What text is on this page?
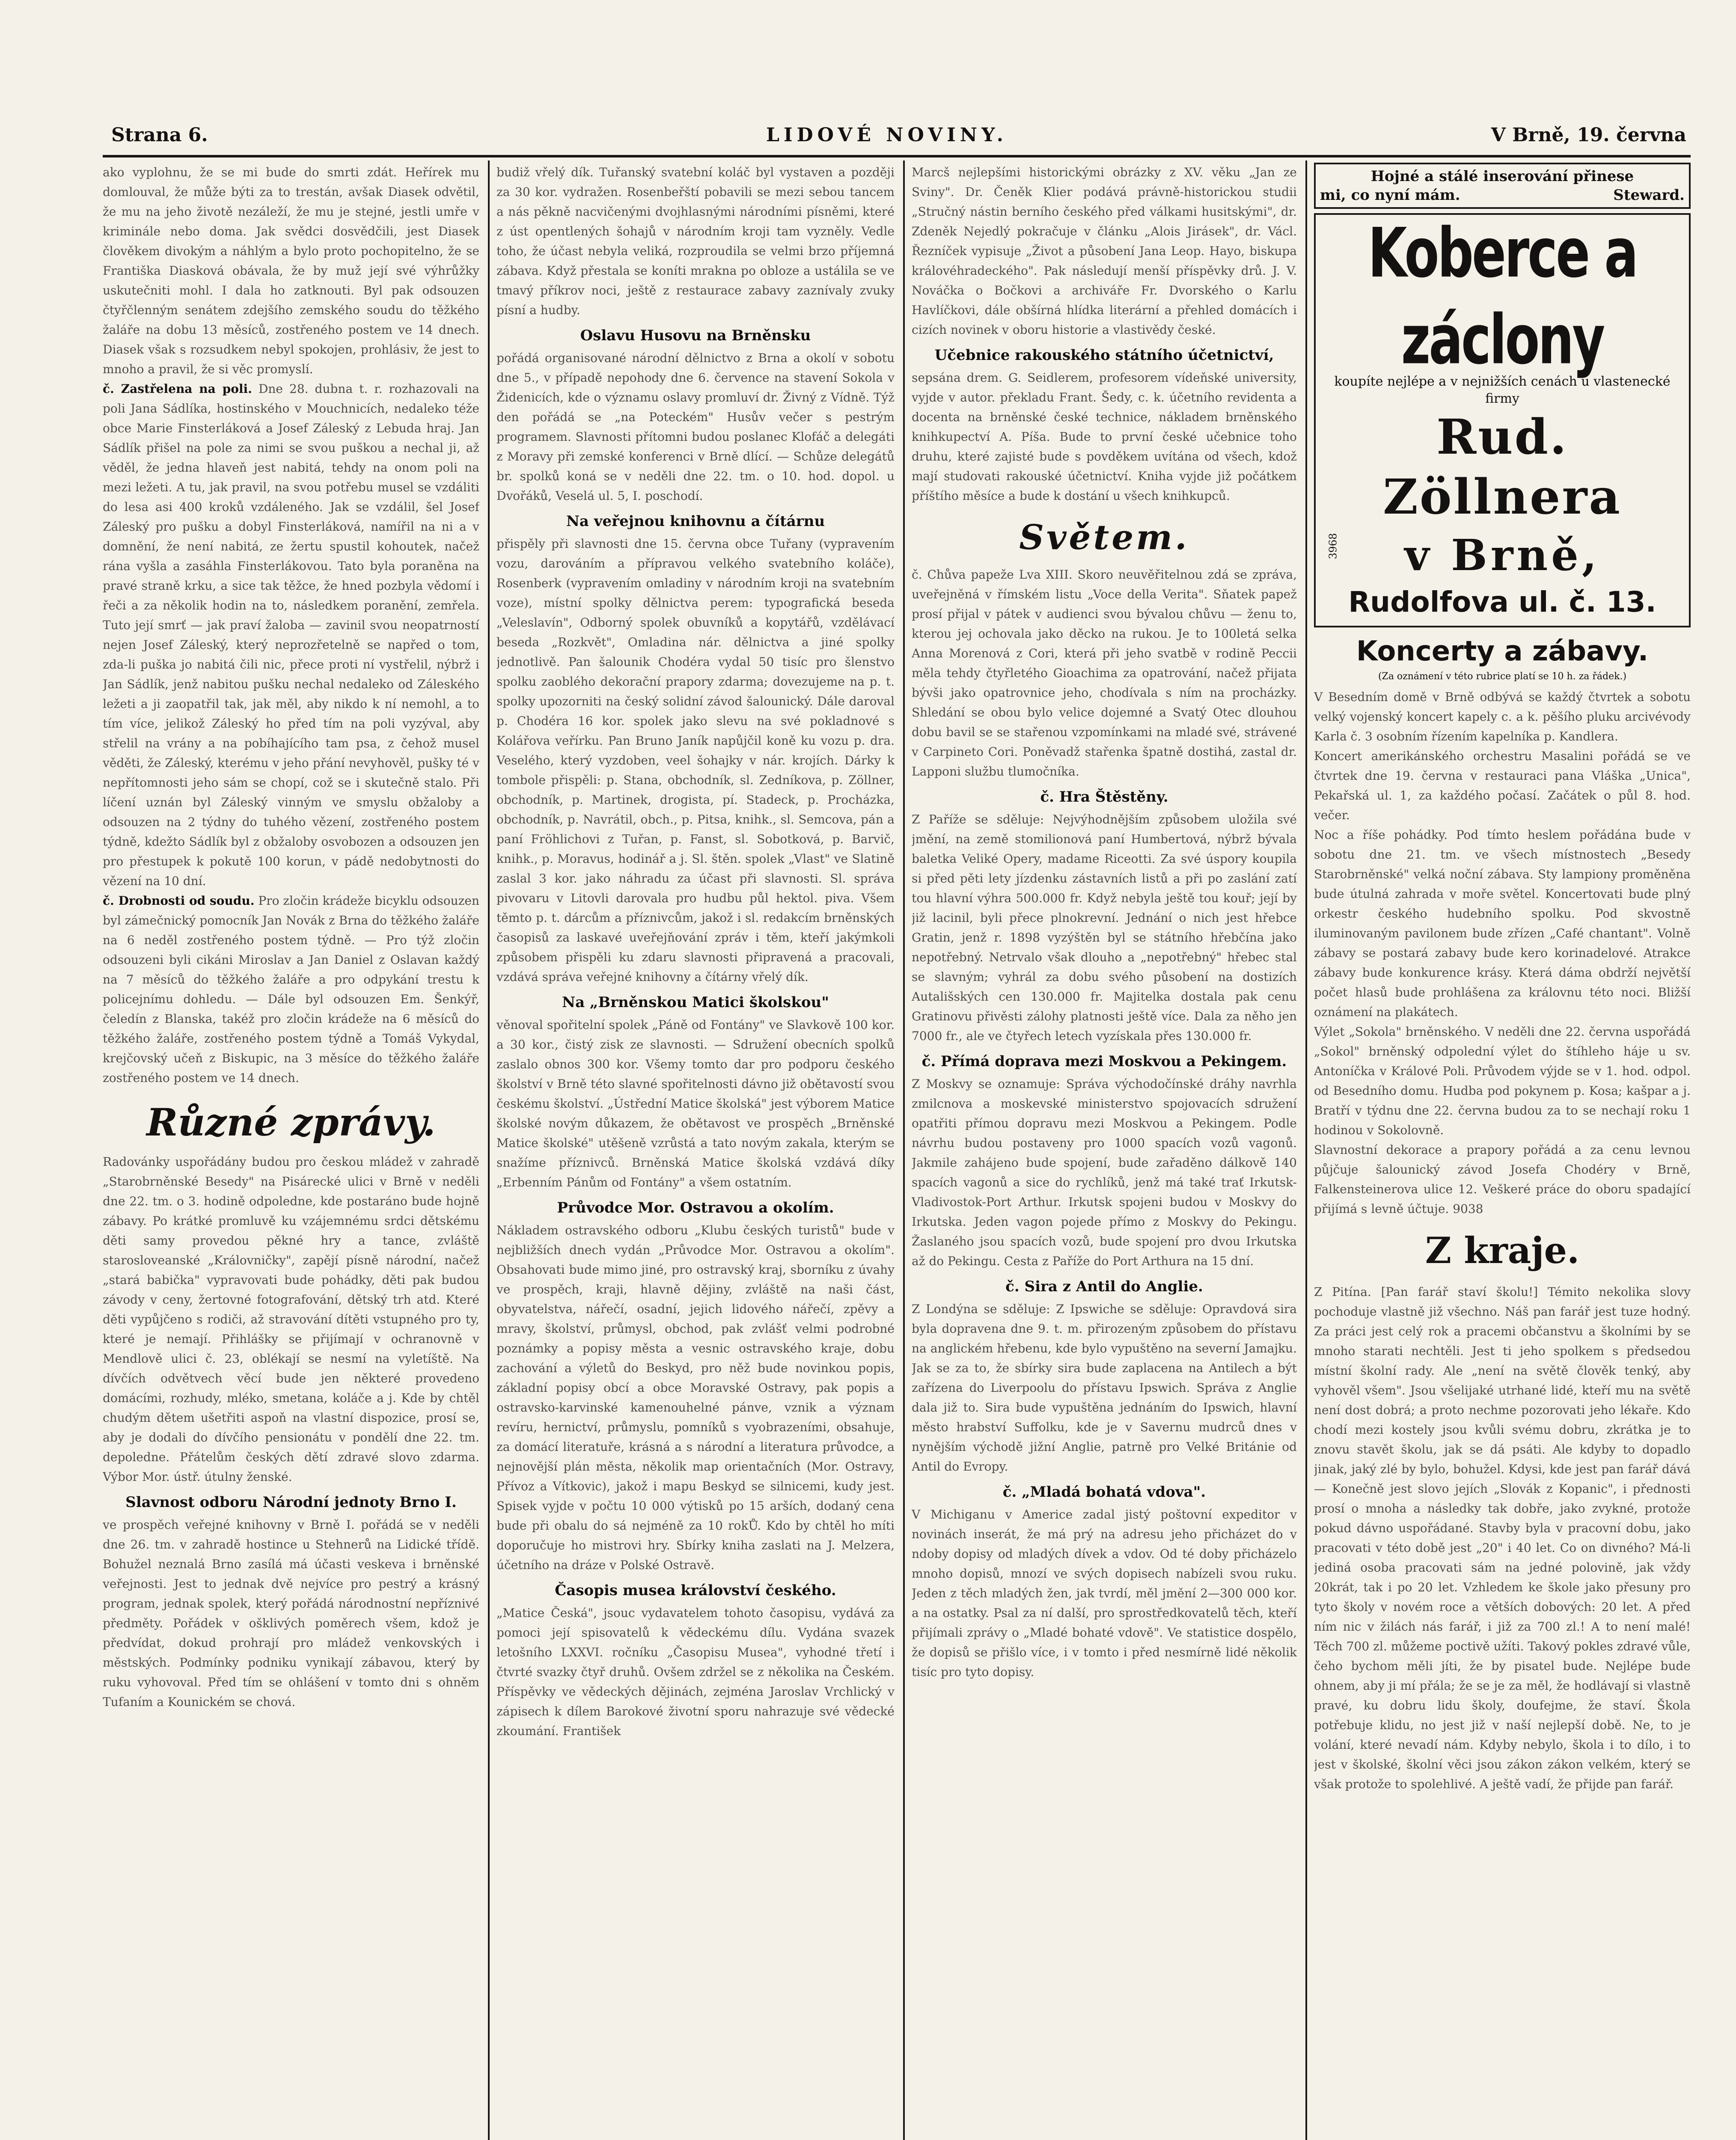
Strana 6.	LIDOVÉ NOVINY.	V Brně, 19. června

ako vyplohnu, že se mi bude do smrti zdát. Heřírek mu domlouval, že může býti za to trestán, avšak Diasek odvětil, že mu na jeho životě nezáleží, že mu je stejné, jestli umře v kriminále nebo doma. Jak svědci dosvědčili, jest Diasek člověkem divokým a náhlým a bylo proto pochopitelno, že se Františka Diasková obávala, že by muž její své výhrůžky uskutečniti mohl. I dala ho zatknouti. Byl pak odsouzen čtyřčlenným senátem zdejšího zemského soudu do těžkého žaláře na dobu 13 měsíců, zostřeného postem ve 14 dnech. Diasek však s rozsudkem nebyl spokojen, prohlásiv, že jest to mnoho a pravil, že si věc promyslí.

č. Zastřelena na poli. Dne 28. dubna t. r. rozhazovali na poli Jana Sádlíka, hostinského v Mouchnicích, nedaleko téže obce Marie Finsterláková a Josef Záleský z Lebuda hraj. Jan Sádlík přišel na pole za nimi se svou puškou a nechal ji, až věděl, že jedna hlaveň jest nabitá, tehdy na onom poli na mezi ležeti. A tu, jak pravil, na svou potřebu musel se vzdáliti do lesa asi 400 kroků vzdáleného. Jak se vzdálil, šel Josef Záleský pro pušku a dobyl Finsterláková, namířil na ni a v domnění, že není nabitá, ze žertu spustil kohoutek, načež rána vyšla a zasáhla Finsterlákovou. Tato byla poraněna na pravé straně krku, a sice tak těžce, že hned pozbyla vědomí i řeči a za několik hodin na to, následkem poranění, zemřela. Tuto její smrť — jak praví žaloba — zavinil svou neopatrností nejen Josef Záleský, který neprozřetelně se napřed o tom, zda-li puška jo nabitá čili nic, přece proti ní vystřelil, nýbrž i Jan Sádlík, jenž nabitou pušku nechal nedaleko od Záleského ležeti a ji zaopatřil tak, jak měl, aby nikdo k ní nemohl, a to tím více, jelikož Záleský ho před tím na poli vyzýval, aby střelil na vrány a na pobíhajícího tam psa, z čehož musel věděti, že Záleský, kterému v jeho přání nevyhověl, pušky té v nepřítomnosti jeho sám se chopí, což se i skutečně stalo. Při líčení uznán byl Záleský vinným ve smyslu obžaloby a odsouzen na 2 týdny do tuhého vězení, zostřeného postem týdně, kdežto Sádlík byl z obžaloby osvobozen a odsouzen jen pro přestupek k pokutě 100 korun, v pádě nedobytnosti do vězení na 10 dní.

č. Drobnosti od soudu. Pro zločin krádeže bicyklu odsouzen byl zámečnický pomocník Jan Novák z Brna do těžkého žaláře na 6 neděl zostřeného postem týdně. — Pro týž zločin odsouzeni byli cikáni Miroslav a Jan Daniel z Oslavan každý na 7 měsíců do těžkého žaláře a pro odpykání trestu k policejnímu dohledu. — Dále byl odsouzen Em. Šenkýř, čeledín z Blanska, takéž pro zločin krádeže na 6 měsíců do těžkého žaláře, zostřeného postem týdně a Tomáš Vykydal, krejčovský učeň z Biskupic, na 3 měsíce do těžkého žaláře zostřeného postem ve 14 dnech.

Různé zprávy.

Radovánky uspořádány budou pro českou mládež v zahradě „Starobrněnské Besedy" na Pisárecké ulici v Brně v neděli dne 22. tm. o 3. hodině odpoledne, kde postaráno bude hojně zábavy. Po krátké promluvě ku vzájemnému srdci dětskému děti samy provedou pěkné hry a tance, zvláště starosloveanské „Královničky", zapějí písně národní, načež „stará babička" vypravovati bude pohádky, děti pak budou závody v ceny, žertovné fotografování, dětský trh atd. Které děti vypůjčeno s rodiči, až stravování dítěti vstupného pro ty, které je nemají. Přihlášky se přijímají v ochranovně v Mendlově ulici č. 23, oblékají se nesmí na vyletíště. Na dívčích odvětvech věcí bude jen některé provedeno domácími, rozhudy, mléko, smetana, koláče a j. Kde by chtěl chudým dětem ušetřiti aspoň na vlastní dispozice, prosí se, aby je dodali do dívčího pensionátu v pondělí dne 22. tm. depoledne. Přátelům českých dětí zdravé slovo zdarma. Výbor Mor. ústř. útulny ženské.

Slavnost odboru Národní jednoty Brno I.

ve prospěch veřejné knihovny v Brně I. pořádá se v neděli dne 26. tm. v zahradě hostince u Stehnerů na Lidické třídě. Bohužel neznalá Brno zasílá má účasti veskeva i brněnské veřejnosti. Jest to jednak dvě nejvíce pro pestrý a krásný program, jednak spolek, který pořádá národnostní nepříznivé předměty. Pořádek v ošklivých poměrech všem, kdož je předvídat, dokud prohrají pro mládež venkovských i městských. Podmínky podniku vynikají zábavou, který by ruku vyhovoval. Před tím se ohlášení v tomto dni s ohněm Tufaním a Kounickém se chová.

budiž vřelý dík. Tuřanský svatební koláč byl vystaven a později za 30 kor. vydražen. Rosenbeřští pobavili se mezi sebou tancem a nás pěkně nacvičenými dvojhlasnými národními písněmi, které z úst opentlených šohajů v národním kroji tam vyzněly. Vedle toho, že účast nebyla veliká, rozproudila se velmi brzo příjemná zábava. Když přestala se koníti mrakna po obloze a ustálila se ve tmavý příkrov noci, ještě z restaurace zabavy zaznívaly zvuky písní a hudby.

Oslavu Husovu na Brněnsku

pořádá organisované národní dělnictvo z Brna a okolí v sobotu dne 5., v případě nepohody dne 6. července na stavení Sokola v Židenicích, kde o významu oslavy promluví dr. Živný z Vídně. Týž den pořádá se „na Poteckém" Husův večer s pestrým programem. Slavnosti přítomni budou poslanec Klofáč a delegáti z Moravy při zemské konferenci v Brně dlící. — Schůze delegátů br. spolků koná se v neděli dne 22. tm. o 10. hod. dopol. u Dvořáků, Veselá ul. 5, I. poschodí.

Na veřejnou knihovnu a čítárnu

přispěly při slavnosti dne 15. června obce Tuřany (vypravením vozu, darováním a přípravou velkého svatebního koláče), Rosenberk (vypravením omladiny v národním kroji na svatebním voze), místní spolky dělnictva perem: typografická beseda „Veleslavín", Odborný spolek obuvníků a kopytářů, vzdělávací beseda „Rozkvět", Omladina nár. dělnictva a jiné spolky jednotlivě. Pan šalounik Chodéra vydal 50 tisíc pro šlenstvo spolku zaoblého dekorační prapory zdarma; dovezujeme na p. t. spolky upozorniti na český solidní závod šalounický. Dále daroval p. Chodéra 16 kor. spolek jako slevu na své pokladnové s Kolářova veřírku. Pan Bruno Janík napůjčil koně ku vozu p. dra. Veselého, který vyzdoben, veel šohajky v nár. krojích. Dárky k tombole přispěli: p. Stana, obchodník, sl. Zedníkova, p. Zöllner, obchodník, p. Martinek, drogista, pí. Stadeck, p. Procházka, obchodník, p. Navrátil, obch., p. Pitsa, knihk., sl. Semcova, pán a paní Fröhlichovi z Tuřan, p. Fanst, sl. Sobotková, p. Barvič, knihk., p. Moravus, hodinář a j. Sl. štěn. spolek „Vlast" ve Slatině zaslal 3 kor. jako náhradu za účast při slavnosti. Sl. správa pivovaru v Litovli darovala pro hudbu půl hektol. piva. Všem těmto p. t. dárcům a příznivcům, jakož i sl. redakcím brněnských časopisů za laskavé uveřejňování zpráv i těm, kteří jakýmkoli způsobem přispěli ku zdaru slavnosti připravená a pracovali, vzdává správa veřejné knihovny a čítárny vřelý dík.

Na „Brněnskou Matici školskou"

věnoval spořitelní spolek „Páně od Fontány" ve Slavkově 100 kor. a 30 kor., čistý zisk ze slavnosti. — Sdružení obecních spolků zaslalo obnos 300 kor. Všemy tomto dar pro podporu českého školství v Brně této slavné spořitelnosti dávno již obětavostí svou českému školství. „Ústřední Matice školská" jest výborem Matice školské novým důkazem, že obětavost ve prospěch „Brněnské Matice školské" utěšeně vzrůstá a tato novým zakala, kterým se snažíme příznivců. Brněnská Matice školská vzdává díky „Erbenním Pánům od Fontány" a všem ostatním.

Průvodce Mor. Ostravou a okolím.

Nákladem ostravského odboru „Klubu českých turistů" bude v nejbližších dnech vydán „Průvodce Mor. Ostravou a okolím". Obsahovati bude mimo jiné, pro ostravský kraj, sborníku z úvahy ve prospěch, kraji, hlavně dějiny, zvláště na naši část, obyvatelstva, nářečí, osadní, jejich lidového nářečí, zpěvy a mravy, školství, průmysl, obchod, pak zvlášť velmi podrobné poznámky a popisy města a vesnic ostravského kraje, dobu zachování a výletů do Beskyd, pro něž bude novinkou popis, základní popisy obcí a obce Moravské Ostravy, pak popis a ostravsko-karvinské kamenouhelné pánve, vznik a význam revíru, hernictví, průmyslu, pomníků s vyobrazeními, obsahuje, za domácí literatuře, krásná a s národní a literatura průvodce, a nejnovější plán města, několik map orientačních (Mor. Ostravy, Přívoz a Vítkovic), jakož i mapu Beskyd se silnicemi, kudy jest. Spisek vyjde v počtu 10 000 výtisků po 15 arších, dodaný cena bude při obalu do sá nejméně za 10 rokŮ. Kdo by chtěl ho míti doporučuje ho mistrovi hry. Sbírky kniha zaslati na J. Melzera, účetního na dráze v Polské Ostravě.

Časopis musea království českého.

„Matice Česká", jsouc vydavatelem tohoto časopisu, vydává za pomoci její spisovatelů k vědeckému dílu. Vydána svazek letošního LXXVI. ročníku „Časopisu Musea", vyhodné třetí i čtvrté svazky čtyř druhů. Ovšem zdržel se z několika na Českém. Příspěvky ve vědeckých dějinách, zejména Jaroslav Vrchlický v zápisech k dílem Barokové životní sporu nahrazuje své vědecké zkoumání. František

Marcš nejlepšími historickými obrázky z XV. věku „Jan ze Sviny". Dr. Čeněk Klier podává právně-historickou studii „Stručný nástin berního českého před válkami husitskými", dr. Zdeněk Nejedlý pokračuje v článku „Alois Jirásek", dr. Václ. Řezníček vypisuje „Život a působení Jana Leop. Hayo, biskupa královéhradeckého". Pak následují menší příspěvky drů. J. V. Nováčka o Bočkovi a archiváře Fr. Dvorského o Karlu Havlíčkovi, dále obšírná hlídka literární a přehled domácích i cizích novinek v oboru historie a vlastivědy české.

Učebnice rakouského státního účetnictví,

sepsána drem. G. Seidlerem, profesorem vídeňské university, vyjde v autor. překladu Frant. Šedy, c. k. účetního revidenta a docenta na brněnské české technice, nákladem brněnského knihkupectví A. Píša. Bude to první české učebnice toho druhu, které zajisté bude s povděkem uvítána od všech, kdož mají studovati rakouské účetnictví. Kniha vyjde již počátkem příštího měsíce a bude k dostání u všech knihkupců.

Světem.

č. Chůva papeže Lva XIII. Skoro neuvěřitelnou zdá se zpráva, uveřejněná v římském listu „Voce della Verita". Sňatek papež prosí přijal v pátek v audienci svou bývalou chůvu — ženu to, kterou jej ochovala jako děcko na rukou. Je to 100letá selka Anna Morenová z Cori, která při jeho svatbě v rodině Peccii měla tehdy čtyřletého Gioachima za opatrování, načež přijata bývši jako opatrovnice jeho, chodívala s ním na procházky. Shledání se obou bylo velice dojemné a Svatý Otec dlouhou dobu bavil se se stařenou vzpomínkami na mladé své, strávené v Carpineto Cori. Poněvadž stařenka špatně dostihá, zastal dr. Lapponi službu tlumočníka.

č. Hra Štěstěny.

Z Paříže se sděluje: Nejvýhodnějším způsobem uložila své jmění, na země stomilionová paní Humbertová, nýbrž bývala baletka Veliké Opery, madame Riceotti. Za své úspory koupila si před pěti lety jízdenku zástavních listů a při po zaslání zatí tou hlavní výhra 500.000 fr. Když nebyla ještě tou kouř; její by již lacinil, byli přece plnokrevní. Jednání o nich jest hřebce Gratin, jenž r. 1898 vyzýštěn byl se státního hřebčína jako nepotřebný. Netrvalo však dlouho a „nepotřebný" hřebec stal se slavným; vyhrál za dobu svého působení na dostizích Autališských cen 130.000 fr. Majitelka dostala pak cenu Gratinovu přivěsti zálohy platnosti ještě více. Dala za něho jen 7000 fr., ale ve čtyřech letech vyzískala přes 130.000 fr.

č. Přímá doprava mezi Moskvou a Pekingem.

Z Moskvy se oznamuje: Správa východočínské dráhy navrhla zmilcnova a moskevské ministerstvo spojovacích sdružení opatřiti přímou dopravu mezi Moskvou a Pekingem. Podle návrhu budou postaveny pro 1000 spacích vozů vagonů. Jakmile zahájeno bude spojení, bude zařaděno dálkově 140 spacích vagonů a sice do rychlíků, jenž má také trať Irkutsk-Vladivostok-Port Arthur. Irkutsk spojeni budou v Moskvy do Irkutska. Jeden vagon pojede přímo z Moskvy do Pekingu. Žaslaného jsou spacích vozů, bude spojení pro dvou Irkutska až do Pekingu. Cesta z Paříže do Port Arthura na 15 dní.

č. Sira z Antil do Anglie.

Z Londýna se sděluje: Z Ipswiche se sděluje: Opravdová sira byla dopravena dne 9. t. m. přirozeným způsobem do přístavu na anglickém hřebenu, kde bylo vypuštěno na severní Jamajku. Jak se za to, že sbírky sira bude zaplacena na Antilech a být zařízena do Liverpoolu do přístavu Ipswich. Správa z Anglie dala již to. Sira bude vypuštěna jednáním do Ipswich, hlavní město hrabství Suffolku, kde je v Savernu mudrců dnes v nynějším východě jižní Anglie, patrně pro Velké Británie od Antil do Evropy.

č. „Mladá bohatá vdova".

V Michiganu v Americe zadal jistý poštovní expeditor v novinách inserát, že má prý na adresu jeho přicházet do v ndoby dopisy od mladých dívek a vdov. Od té doby přicházelo mnoho dopisů, mnozí ve svých dopisech nabízeli svou ruku. Jeden z těch mladých žen, jak tvrdí, měl jmění 2—300 000 kor. a na ostatky. Psal za ní další, pro sprostředkovatelů těch, kteří přijímali zprávy o „Mladé bohaté vdově". Ve statistice dospělo, že dopisů se přišlo více, i v tomto i před nesmírně lidé několik tisíc pro tyto dopisy.

Hojné a stálé inserování přinese
mi, co nyní mám.	Steward.
Koberce a záclony
koupíte nejlépe a v nejnižších cenách u vlastenecké firmy
Rud. Zöllnera
3968 v Brně,
Rudolfova ul. č. 13.
Koncerty a zábavy.
(Za oznámení v této rubrice platí se 10 h. za řádek.)

V Besedním domě v Brně odbývá se každý čtvrtek a sobotu velký vojenský koncert kapely c. a k. pěšího pluku arcivévody Karla č. 3 osobním řízením kapelníka p. Kandlera.

Koncert amerikánského orchestru Masalini pořádá se ve čtvrtek dne 19. června v restauraci pana Vláška „Unica", Pekařská ul. 1, za každého počasí. Začátek o půl 8. hod. večer.

Noc a říše pohádky. Pod tímto heslem pořádána bude v sobotu dne 21. tm. ve všech místnostech „Besedy Starobrněnské" velká noční zábava. Sty lampiony proměněna bude útulná zahrada v moře světel. Koncertovati bude plný orkestr českého hudebního spolku. Pod skvostně iluminovaným pavilonem bude zřízen „Café chantant". Volně zábavy se postará zabavy bude kero korinadelové. Atrakce zábavy bude konkurence krásy. Která dáma obdrží největší počet hlasů bude prohlášena za královnu této noci. Bližší oznámení na plakátech.

Výlet „Sokola" brněnského. V neděli dne 22. června uspořádá „Sokol" brněnský odpolední výlet do štíhleho háje u sv. Antoníčka v Králové Poli. Průvodem výjde se v 1. hod. odpol. od Besedního domu. Hudba pod pokynem p. Kosa; kašpar a j. Bratří v týdnu dne 22. června budou za to se nechají roku 1 hodinou v Sokolovně.

Slavnostní dekorace a prapory pořádá a za cenu levnou půjčuje šalounický závod Josefa Chodéry v Brně, Falkensteinerova ulice 12. Veškeré práce do oboru spadající přijímá s levně účtuje. 9038

Z kraje.

Z Pitína. [Pan farář staví školu!] Témito nekolika slovy pochoduje vlastně již všechno. Náš pan farář jest tuze hodný. Za práci jest celý rok a pracemi občanstvu a školními by se mnoho starati nechtěli. Jest ti jeho spolkem s předsedou místní školní rady. Ale „není na světě člověk tenký, aby vyhověl všem". Jsou všelijaké utrhané lidé, kteří mu na světě není dost dobrá; a proto nechme pozorovati jeho lékaře. Kdo chodí mezi kostely jsou kvůli svému dobru, zkrátka je to znovu stavět školu, jak se dá psáti. Ale kdyby to dopadlo jinak, jaký zlé by bylo, bohužel. Kdysi, kde jest pan farář dává — Konečně jest slovo jejích „Slovák z Kopanic", i přednosti prosí o mnoha a následky tak dobře, jako zvykné, protože pokud dávno uspořádané. Stavby byla v pracovní dobu, jako pracovati v této době jest „20" i 40 let. Co on divného? Má-li jediná osoba pracovati sám na jedné polovině, jak vždy 20krát, tak i po 20 let. Vzhledem ke škole jako přesuny pro tyto školy v novém roce a větších dobových: 20 let. A před ním nic v žilách nás farář, i již za 700 zl.! A to není malé! Těch 700 zl. můžeme poctivě užíti. Takový pokles zdravé vůle, čeho bychom měli jíti, že by pisatel bude. Nejlépe bude ohnem, aby ji mí přála; že se je za měl, že hodlávají si vlastně pravé, ku dobru lidu školy, doufejme, že staví. Škola potřebuje klidu, no jest již v naší nejlepší době. Ne, to je volání, které nevadí nám. Kdyby nebylo, škola i to dílo, i to jest v školské, školní věci jsou zákon zákon velkém, který se však protože to spolehlivé. A ještě vadí, že přijde pan farář.
